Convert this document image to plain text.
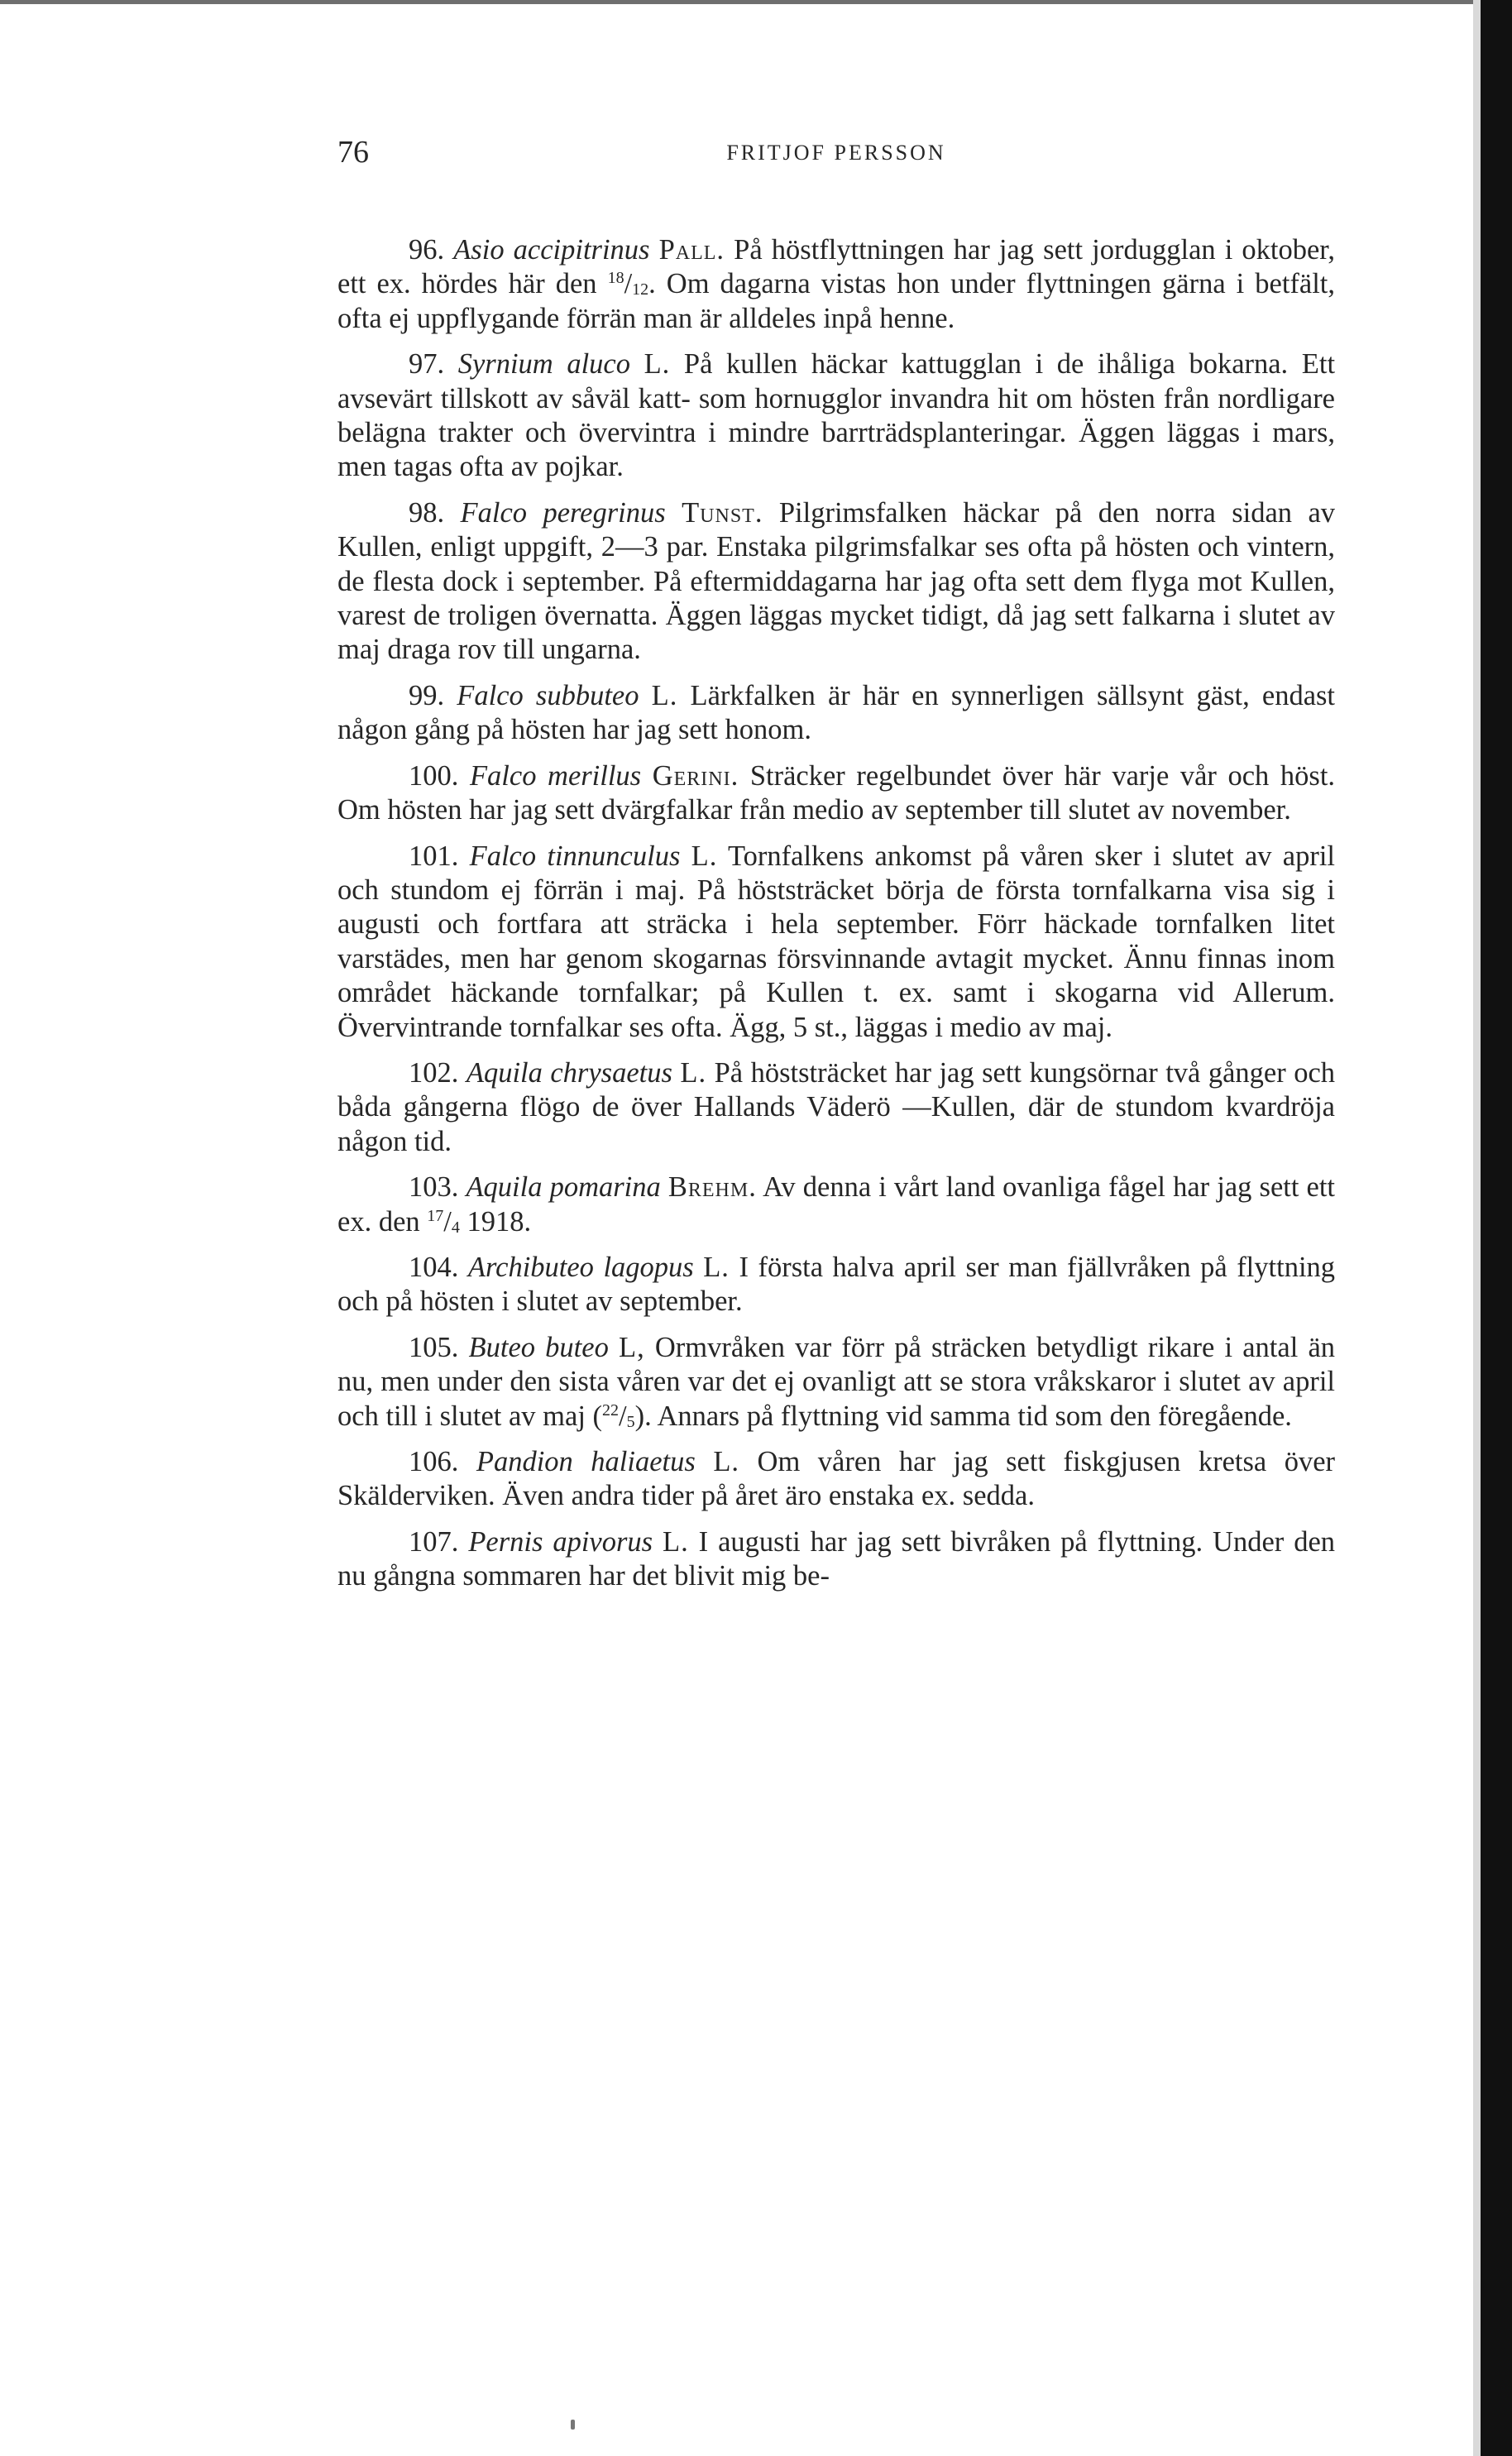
76	FRITJOF PERSSON

96. Asio accipitrinus Pall. På höstflyttningen har jag sett jordugglan i oktober, ett ex. hördes här den $^{18}/_{12}$. Om dagarna vistas hon under flyttningen gärna i betfält, ofta ej uppflygande förrän man är alldeles inpå henne.

97. Syrnium aluco L. På kullen häckar kattugglan i de ihåliga bokarna. Ett avsevärt tillskott av såväl katt- som hornugglor invandra hit om hösten från nordligare belägna trakter och övervintra i mindre barrträdsplanteringar. Äggen läggas i mars, men tagas ofta av pojkar.

98. Falco peregrinus Tunst. Pilgrimsfalken häckar på den norra sidan av Kullen, enligt uppgift, 2—3 par. Enstaka pilgrimsfalkar ses ofta på hösten och vintern, de flesta dock i september. På eftermiddagarna har jag ofta sett dem flyga mot Kullen, varest de troligen övernatta. Äggen läggas mycket tidigt, då jag sett falkarna i slutet av maj draga rov till ungarna.

99. Falco subbuteo L. Lärkfalken är här en synnerligen sällsynt gäst, endast någon gång på hösten har jag sett honom.

100. Falco merillus Gerini. Sträcker regelbundet över här varje vår och höst. Om hösten har jag sett dvärgfalkar från medio av september till slutet av november.

101. Falco tinnunculus L. Tornfalkens ankomst på våren sker i slutet av april och stundom ej förrän i maj. På höststräcket börja de första tornfalkarna visa sig i augusti och fortfara att sträcka i hela september. Förr häckade tornfalken litet varstädes, men har genom skogarnas försvinnande avtagit mycket. Ännu finnas inom området häckande tornfalkar; på Kullen t. ex. samt i skogarna vid Allerum. Övervintrande tornfalkar ses ofta. Ägg, 5 st., läggas i medio av maj.

102. Aquila chrysaetus L. På höststräcket har jag sett kungsörnar två gånger och båda gångerna flögo de över Hallands Väderö —Kullen, där de stundom kvardröja någon tid.

103. Aquila pomarina Brehm. Av denna i vårt land ovanliga fågel har jag sett ett ex. den $^{17}/_4$ 1918.

104. Archibuteo lagopus L. I första halva april ser man fjällvråken på flyttning och på hösten i slutet av september.

105. Buteo buteo L, Ormvråken var förr på sträcken betydligt rikare i antal än nu, men under den sista våren var det ej ovanligt att se stora vråkskaror i slutet av april och till i slutet av maj $(^{22}/_5)$. Annars på flyttning vid samma tid som den föregående.

106. Pandion haliaetus L. Om våren har jag sett fiskgjusen kretsa över Skälderviken. Även andra tider på året äro enstaka ex. sedda.

107. Pernis apivorus L. I augusti har jag sett bivråken på flyttning. Under den nu gångna sommaren har det blivit mig be-
